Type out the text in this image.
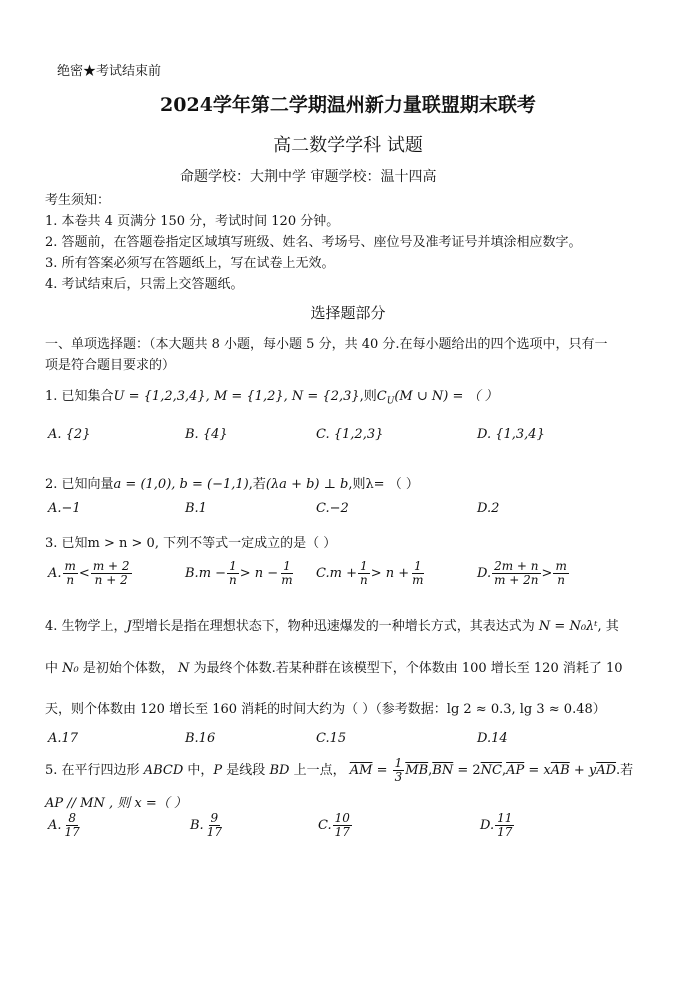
绝密★考试结束前
2024学年第二学期温州新力量联盟期末联考
高二数学学科 试题
命题学校：大荆中学 审题学校：温十四高
考生须知：
1. 本卷共 4 页满分 150 分，考试时间 120 分钟。
2. 答题前，在答题卷指定区域填写班级、姓名、考场号、座位号及准考证号并填涂相应数字。
3. 所有答案必须写在答题纸上，写在试卷上无效。
4. 考试结束后，只需上交答题纸。
选择题部分
一、单项选择题：（本大题共 8 小题，每小题 5 分，共 40 分.在每小题给出的四个选项中，只有一
项是符合题目要求的）
1. 已知集合U = {1,2,3,4}, M = {1,2}, N = {2,3},则$C_U(M$ ∪ N) = （ ）
A. {2}	B. {4}	C. {1,2,3}	D. {1,3,4}
2. 已知向量a = (1,0), b = (−1,1),若(λa + b) ⊥ b,则λ= （ ）
A.−1	B.1	C.−2	D.2
3. 已知m > n > 0, 下列不等式一定成立的是（ ）
A. $\frac{m}{n} < \frac{m + 2}{n + 2}$	$B.m - \frac{1}{n} > n - \frac{1}{m} C.m + \frac{1}{n} > n + \frac{1}{m}$	D. $\frac{2m + n}{m + 2n} > \frac{m}{n}$
4. 生物学上，J型增长是指在理想状态下，物种迅速爆发的一种增长方式，其表达式为 N = N₀λᵗ, 其
中 N₀ 是初始个体数， N 为最终个体数.若某种群在该模型下，个体数由 100 增长至 120 消耗了 10
天，则个体数由 120 增长至 160 消耗的时间大约为（ ）（参考数据：lg 2 ≈ 0.3, lg 3 ≈ 0.48）
A.17	B.16	C.15	D.14
5. 在平行四边形 ABCD 中，P 是线段 BD 上一点， $\overline{AM} = \frac{1}{3} \overline{MB},\overline{BN} = 2\overline{NC},\overline{AP} = x\overline{AB} + y\overline{AD}$.若
AP // MN , 则 x =（ ）
A. $\frac{8}{17}$	B. $\frac{9}{17}$	C. $\frac{10}{17}$	D. $\frac{11}{17}$
